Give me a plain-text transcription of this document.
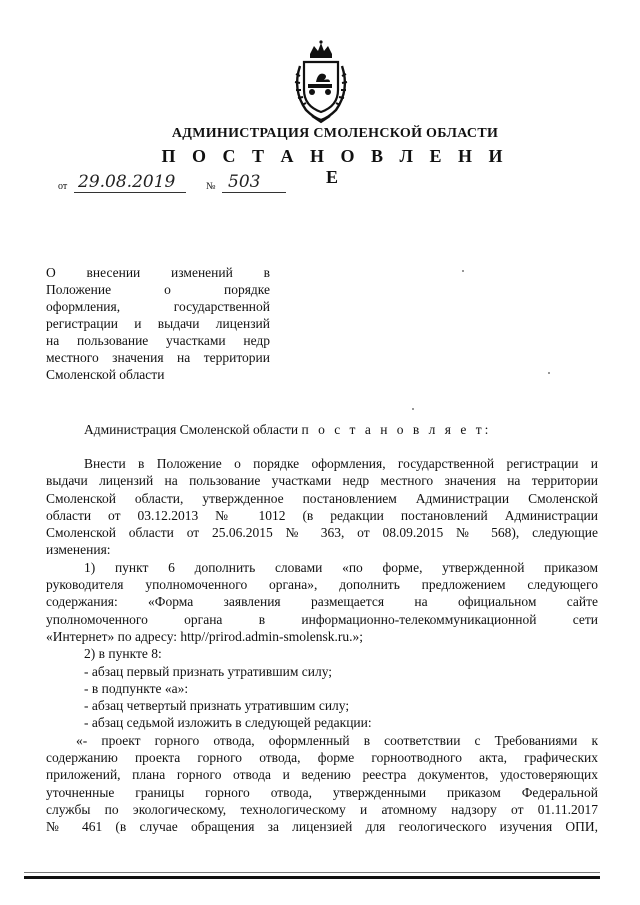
АДМИНИСТРАЦИЯ СМОЛЕНСКОЙ ОБЛАСТИ
П О С Т А Н О В Л Е Н И Е
от 29.08.2019	№ 503
О внесении изменений в
Положение о порядке
оформления, государственной
регистрации и выдачи лицензий
на пользование участками недр
местного значения на территории
Смоленской области
Администрация Смоленской области п о с т а н о в л я е т:
Внести в Положение о порядке оформления, государственной регистрации и
выдачи лицензий на пользование участками недр местного значения на территории
Смоленской области, утвержденное постановлением Администрации Смоленской
области от 03.12.2013 № 1012 (в редакции постановлений Администрации
Смоленской области от 25.06.2015 № 363, от 08.09.2015 № 568), следующие
изменения:
1) пункт 6 дополнить словами «по форме, утвержденной приказом
руководителя уполномоченного органа», дополнить предложением следующего
содержания: «Форма заявления размещается на официальном сайте
уполномоченного органа в информационно-телекоммуникационной сети
«Интернет» по адресу: http//prirod.admin-smolensk.ru.»;
2) в пункте 8:
- абзац первый признать утратившим силу;
- в подпункте «а»:
- абзац четвертый признать утратившим силу;
- абзац седьмой изложить в следующей редакции:
«- проект горного отвода, оформленный в соответствии с Требованиями к
содержанию проекта горного отвода, форме горноотводного акта, графических
приложений, плана горного отвода и ведению реестра документов, удостоверяющих
уточненные границы горного отвода, утвержденными приказом Федеральной
службы по экологическому, технологическому и атомному надзору от 01.11.2017
№ 461 (в случае обращения за лицензией для геологического изучения ОПИ,
